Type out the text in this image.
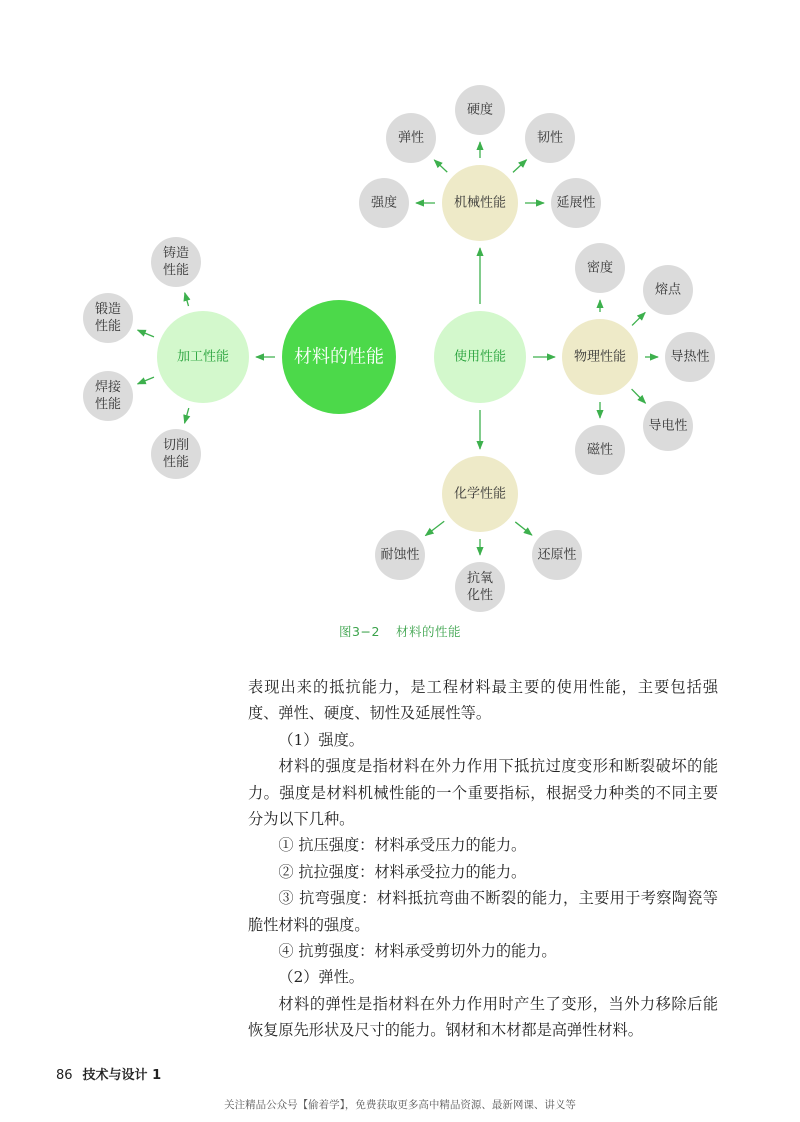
材料的性能
加工性能	使用性能
机械性能
物理性能
化学性能
铸造
性能
锻造
性能
焊接
性能
切削
性能
硬度
弹性	韧性
强度	延展性
密度
熔点
导热性
导电性
磁性
耐蚀性
抗氧
化性
还原性
图3−2 材料的性能

表现出来的抵抗能力，是工程材料最主要的使用性能，主要包括强度、弹性、硬度、韧性及延展性等。

（1）强度。

材料的强度是指材料在外力作用下抵抗过度变形和断裂破坏的能力。强度是材料机械性能的一个重要指标，根据受力种类的不同主要分为以下几种。

① 抗压强度：材料承受压力的能力。

② 抗拉强度：材料承受拉力的能力。

③ 抗弯强度：材料抵抗弯曲不断裂的能力，主要用于考察陶瓷等脆性材料的强度。

④ 抗剪强度：材料承受剪切外力的能力。

（2）弹性。

材料的弹性是指材料在外力作用时产生了变形，当外力移除后能恢复原先形状及尺寸的能力。钢材和木材都是高弹性材料。

86 技术与设计 1
关注精品公众号【偷着学】，免费获取更多高中精品资源、最新网课、讲义等
